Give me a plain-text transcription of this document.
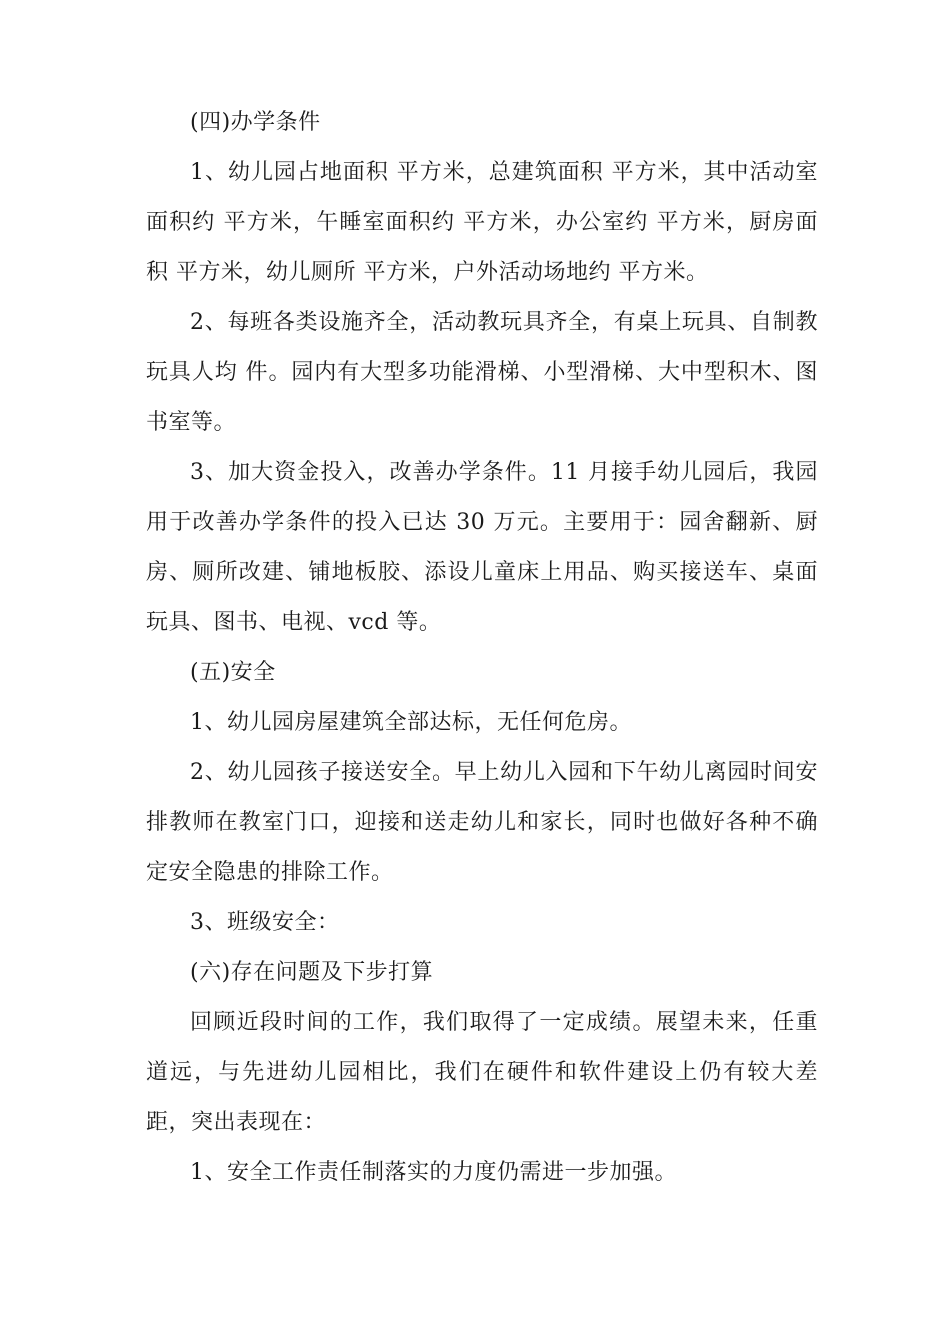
(四)办学条件

1、幼儿园占地面积 平方米，总建筑面积 平方米，其中活动室面积约 平方米，午睡室面积约 平方米，办公室约 平方米，厨房面积 平方米，幼儿厕所 平方米，户外活动场地约 平方米。

2、每班各类设施齐全，活动教玩具齐全，有桌上玩具、自制教玩具人均 件。园内有大型多功能滑梯、小型滑梯、大中型积木、图书室等。

3、加大资金投入，改善办学条件。11 月接手幼儿园后，我园用于改善办学条件的投入已达 30 万元。主要用于：园舍翻新、厨房、厕所改建、铺地板胶、添设儿童床上用品、购买接送车、桌面玩具、图书、电视、vcd 等。

(五)安全

1、幼儿园房屋建筑全部达标，无任何危房。

2、幼儿园孩子接送安全。早上幼儿入园和下午幼儿离园时间安排教师在教室门口，迎接和送走幼儿和家长，同时也做好各种不确定安全隐患的排除工作。

3、班级安全：

(六)存在问题及下步打算

回顾近段时间的工作，我们取得了一定成绩。展望未来，任重道远，与先进幼儿园相比，我们在硬件和软件建设上仍有较大差距，突出表现在：

1、安全工作责任制落实的力度仍需进一步加强。
